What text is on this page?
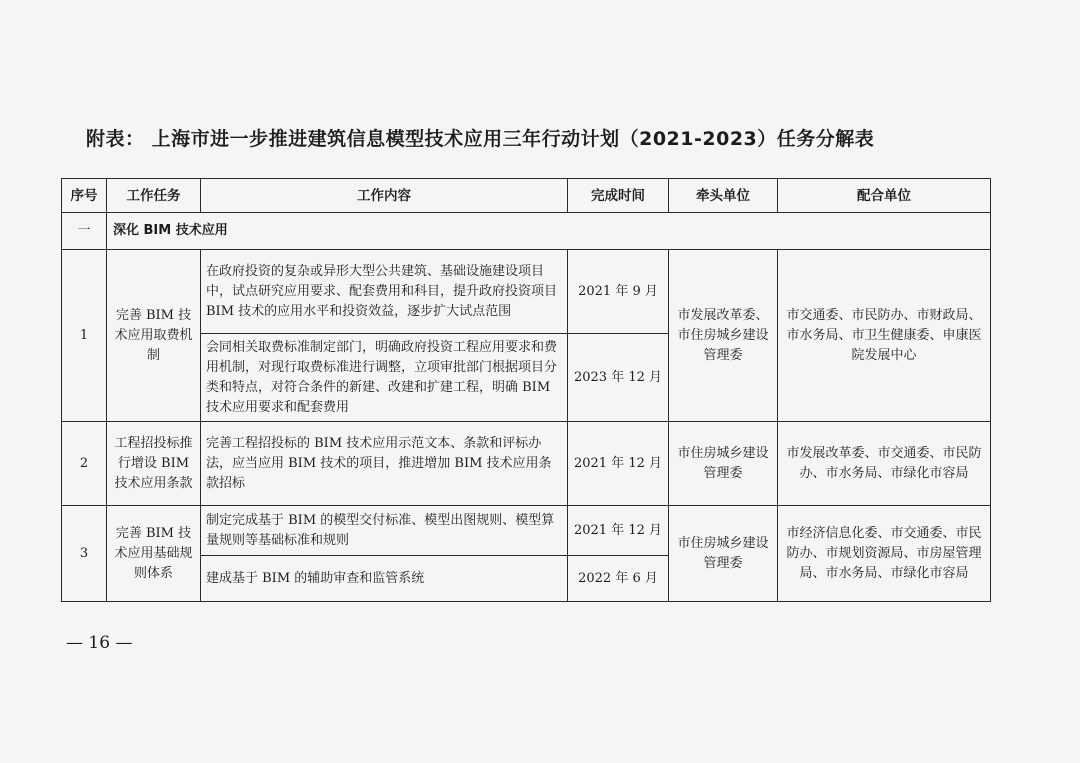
附表： 上海市进一步推进建筑信息模型技术应用三年行动计划（2021-2023）任务分解表
序号	工作任务	工作内容	完成时间	牵头单位	配合单位
一	深化 BIM 技术应用				
1	完善 BIM 技术应用取费机制	在政府投资的复杂或异形大型公共建筑、基础设施建设项目中，试点研究应用要求、配套费用和科目，提升政府投资项目 BIM 技术的应用水平和投资效益，逐步扩大试点范围	2021 年 9 月	市发展改革委、市住房城乡建设管理委	市交通委、市民防办、市财政局、市水务局、市卫生健康委、申康医院发展中心
		会同相关取费标准制定部门，明确政府投资工程应用要求和费用机制，对现行取费标准进行调整，立项审批部门根据项目分类和特点，对符合条件的新建、改建和扩建工程，明确 BIM 技术应用要求和配套费用	2023 年 12 月		
2	工程招投标推行增设 BIM 技术应用条款	完善工程招投标的 BIM 技术应用示范文本、条款和评标办法，应当应用 BIM 技术的项目，推进增加 BIM 技术应用条款招标	2021 年 12 月	市住房城乡建设管理委	市发展改革委、市交通委、市民防办、市水务局、市绿化市容局
3	完善 BIM 技术应用基础规则体系	制定完成基于 BIM 的模型交付标准、模型出图规则、模型算量规则等基础标准和规则	2021 年 12 月	市住房城乡建设管理委	市经济信息化委、市交通委、市民防办、市规划资源局、市房屋管理局、市水务局、市绿化市容局
		建成基于 BIM 的辅助审查和监管系统	2022 年 6 月		
— 16 —
